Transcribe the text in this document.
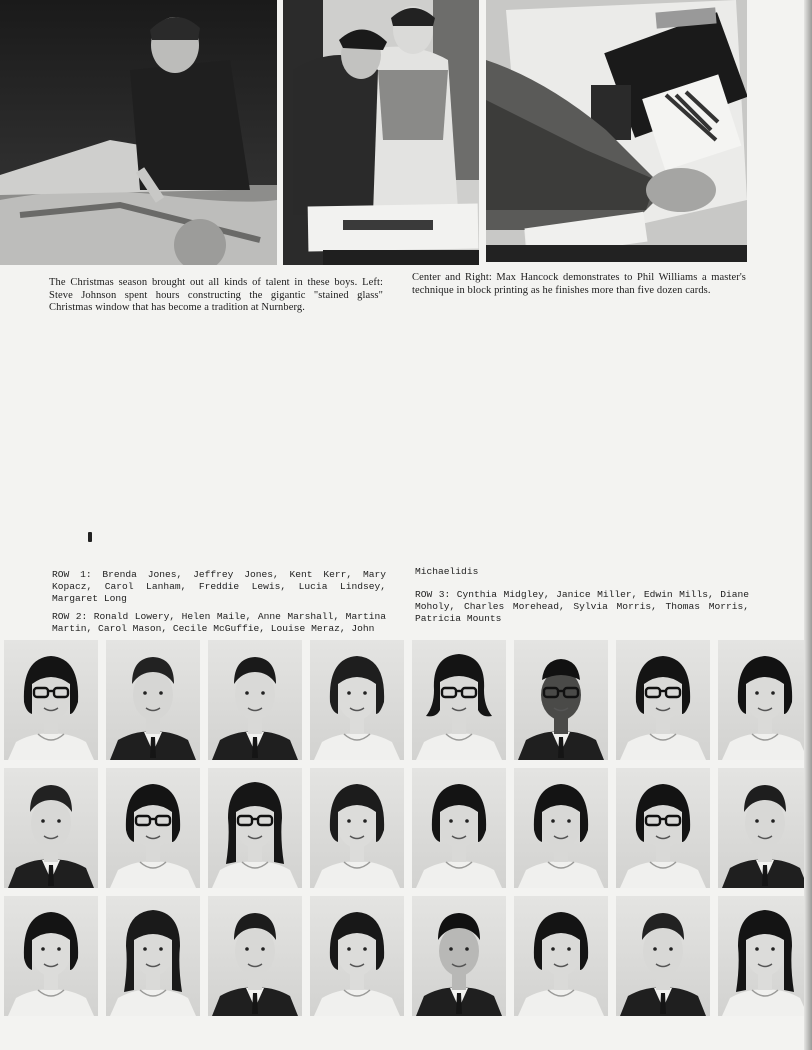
The Christmas season brought out all kinds of talent in these boys. Left: Steve Johnson spent hours constructing the gigantic "stained glass" Christmas window that has become a tradition at Nurnberg.
Center and Right: Max Hancock demonstrates to Phil Williams a master's technique in block printing as he finishes more than five dozen cards.

ROW 1: Brenda Jones, Jeffrey Jones, Kent Kerr, Mary Kopacz, Carol Lanham, Freddie Lewis, Lucia Lindsey, Margaret Long

ROW 2: Ronald Lowery, Helen Maile, Anne Marshall, Martina Martin, Carol Mason, Cecile McGuffie, Louise Meraz, John

Michaelidis

ROW 3: Cynthia Midgley, Janice Miller, Edwin Mills, Diane Moholy, Charles Morehead, Sylvia Morris, Thomas Morris, Patricia Mounts
